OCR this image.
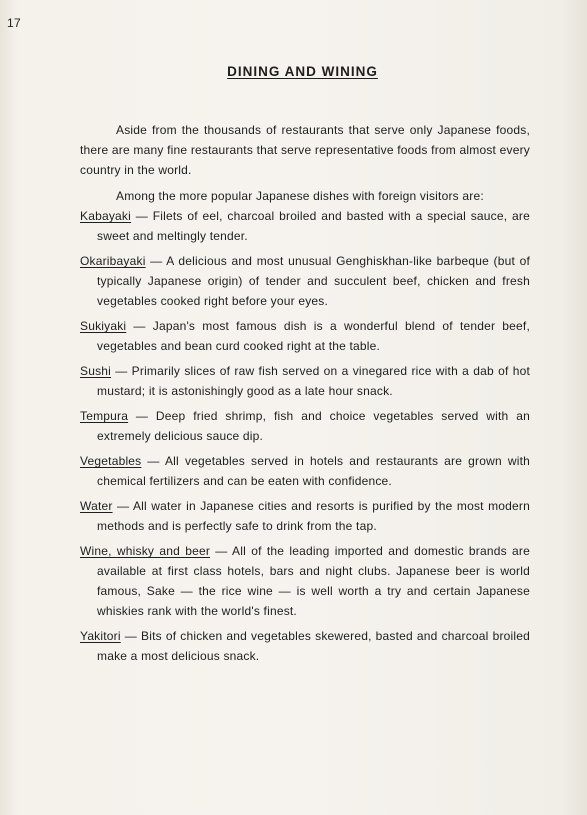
17
DINING AND WINING

Aside from the thousands of restaurants that serve only Japanese foods, there are many fine restaurants that serve representative foods from almost every country in the world.

Among the more popular Japanese dishes with foreign visitors are:

Kabayaki — Filets of eel, charcoal broiled and basted with a special sauce, are sweet and meltingly tender.

Okaribayaki — A delicious and most unusual Genghiskhan-like barbeque (but of typically Japanese origin) of tender and succulent beef, chicken and fresh vegetables cooked right before your eyes.

Sukiyaki — Japan's most famous dish is a wonderful blend of tender beef, vegetables and bean curd cooked right at the table.

Sushi — Primarily slices of raw fish served on a vinegared rice with a dab of hot mustard; it is astonishingly good as a late hour snack.

Tempura — Deep fried shrimp, fish and choice vegetables served with an extremely delicious sauce dip.

Vegetables — All vegetables served in hotels and restaurants are grown with chemical fertilizers and can be eaten with confidence.

Water — All water in Japanese cities and resorts is purified by the most modern methods and is perfectly safe to drink from the tap.

Wine, whisky and beer — All of the leading imported and domestic brands are available at first class hotels, bars and night clubs. Japanese beer is world famous, Sake — the rice wine — is well worth a try and certain Japanese whiskies rank with the world's finest.

Yakitori — Bits of chicken and vegetables skewered, basted and charcoal broiled make a most delicious snack.
